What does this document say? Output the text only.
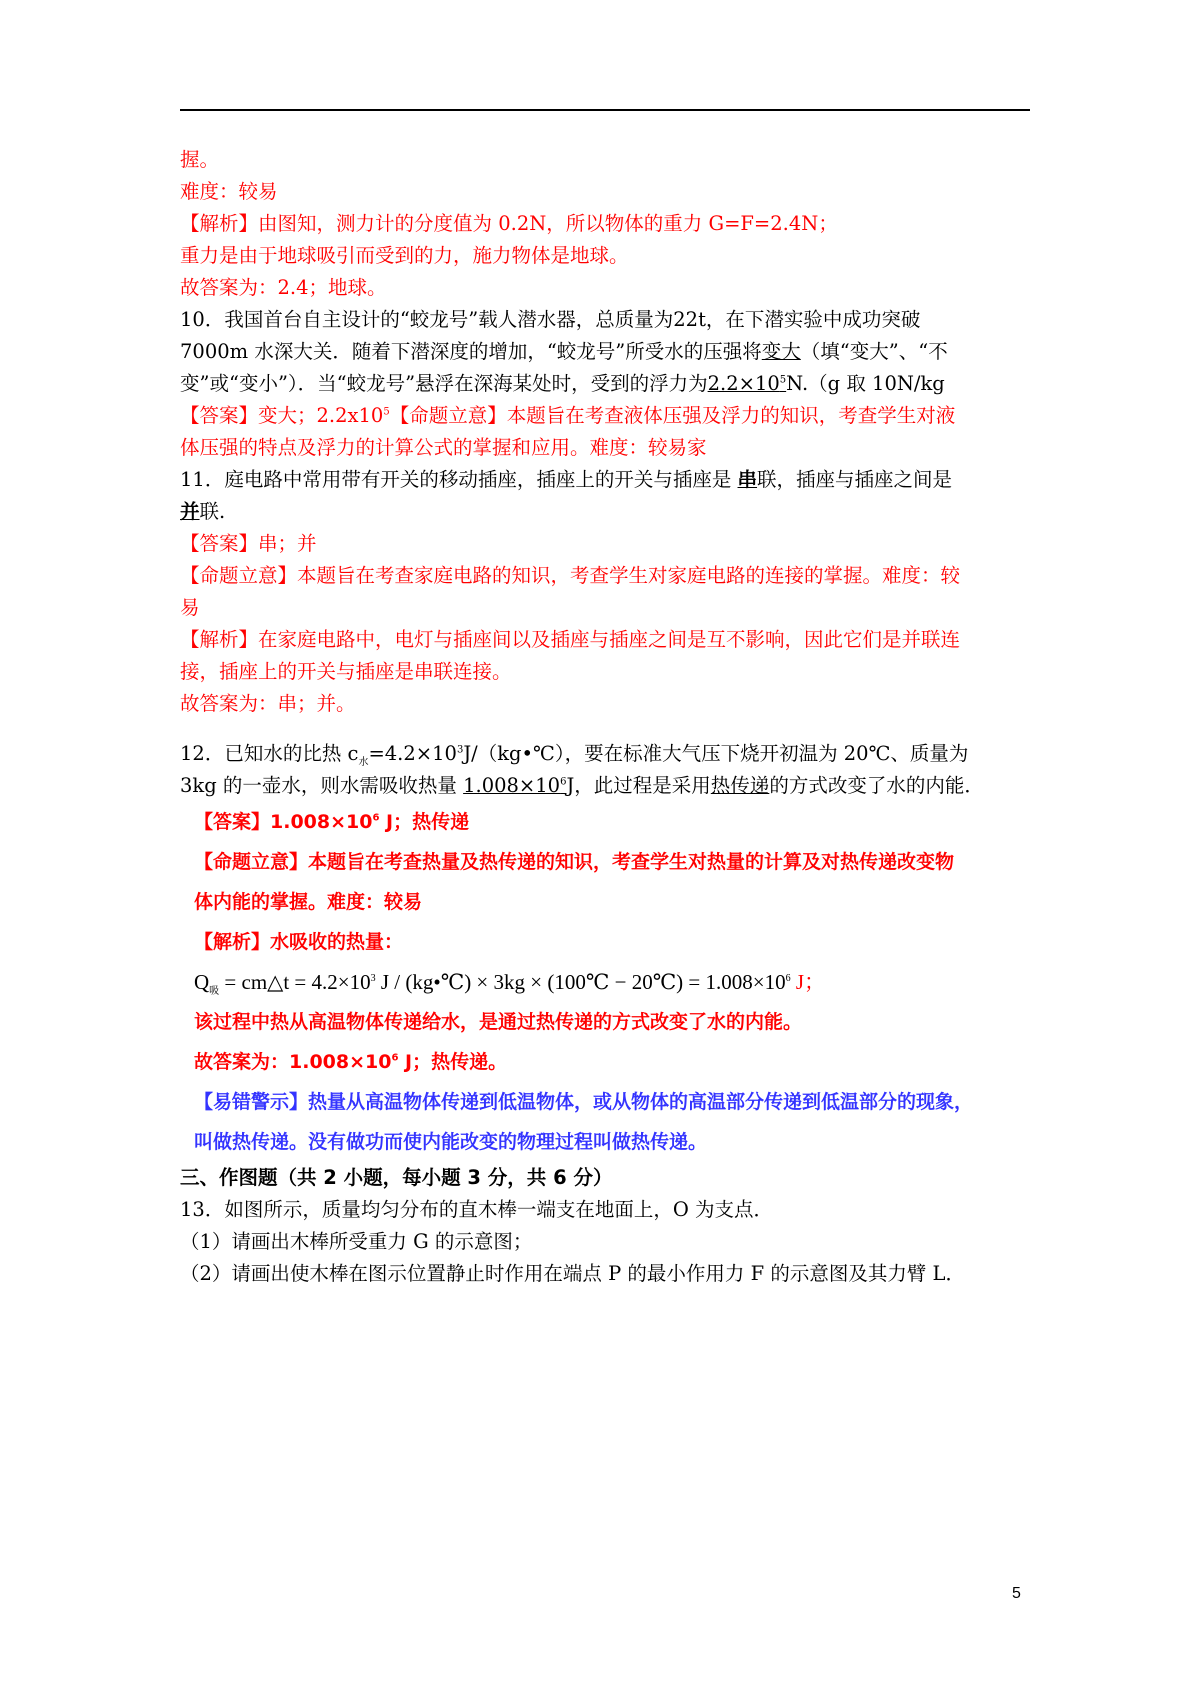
握。
难度：较易
【解析】由图知，测力计的分度值为 0.2N，所以物体的重力 G=F=2.4N；
重力是由于地球吸引而受到的力，施力物体是地球。
故答案为：2.4；地球。
10．我国首台自主设计的“蛟龙号”载人潜水器，总质量为22t，在下潜实验中成功突破
7000m 水深大关．随着下潜深度的增加，“蛟龙号”所受水的压强将变大（填“变大”、“不
变”或“变小”）．当“蛟龙号”悬浮在深海某处时，受到的浮力为$2.2\times 10^5N.(g$ 取 10N/kg
【答案】变大；$2.2x10^5$【命题立意】本题旨在考查液体压强及浮力的知识，考查学生对液
体压强的特点及浮力的计算公式的掌握和应用。难度：较易家
11．庭电路中常用带有开关的移动插座，插座上的开关与插座是 串联，插座与插座之间是
并联.
【答案】串；并
【命题立意】本题旨在考查家庭电路的知识，考查学生对家庭电路的连接的掌握。难度：较
易
【解析】在家庭电路中，电灯与插座间以及插座与插座之间是互不影响，因此它们是并联连
接，插座上的开关与插座是串联连接。
故答案为：串；并。
12．已知水的比热 $c_水=4.2\times 10^3J/(kg•℃)$，要在标准大气压下烧开初温为 20℃、质量为
3kg 的一壶水，则水需吸收热量 $1.008\times 10^6J$，此过程是采用热传递的方式改变了水的内能．
【答案】$1.008\times 10^6$ J；热传递
【命题立意】本题旨在考查热量及热传递的知识，考查学生对热量的计算及对热传递改变物
体内能的掌握。难度：较易
【解析】水吸收的热量：
$Q_吸$ = cm△t = $4.2\times 10^3$ J / (kg•℃) × 3kg × (100℃ − 20℃) = $1.008\times 10^6$ J；
该过程中热从高温物体传递给水，是通过热传递的方式改变了水的内能。
故答案为：$1.008\times 10^6$ J；热传递。
【易错警示】热量从高温物体传递到低温物体，或从物体的高温部分传递到低温部分的现象，
叫做热传递。没有做功而使内能改变的物理过程叫做热传递。
三、作图题（共 2 小题，每小题 3 分，共 6 分）
13．如图所示，质量均匀分布的直木棒一端支在地面上，O 为支点．
（1）请画出木棒所受重力 G 的示意图；
（2）请画出使木棒在图示位置静止时作用在端点 P 的最小作用力 F 的示意图及其力臂 L．
5
